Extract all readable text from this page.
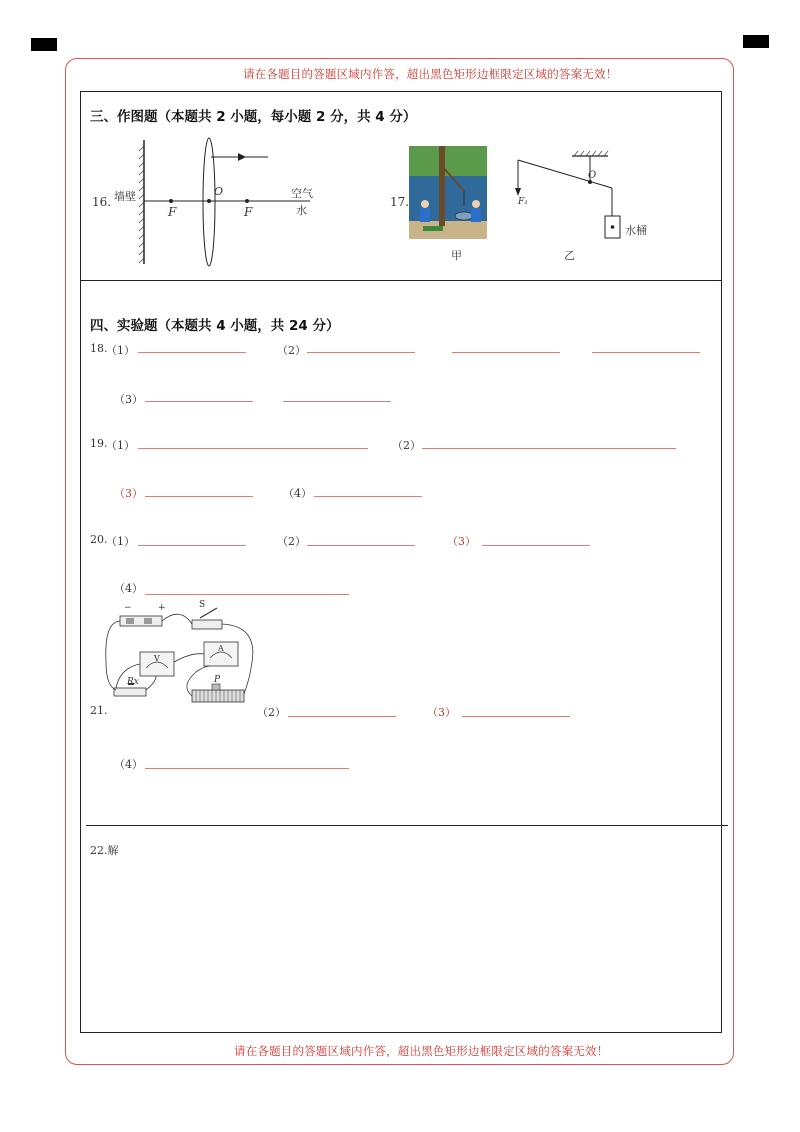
请在各题目的答题区域内作答，超出黑色矩形边框限定区域的答案无效！
请在各题目的答题区域内作答，超出黑色矩形边框限定区域的答案无效！
三、作图题（本题共 2 小题，每小题 2 分，共 4 分）
16. 墙壁
F
O
F
空气
水
17.
甲
O
F₁
水桶
乙
四、实验题（本题共 4 小题，共 24 分）
18.
（1）	（2）
（3）
19.
（1）	（2）
（3）	（4）
20.
（1）	（2）	（3）
（4）
−	+	S
V
A
Rx	P
21.	（2）	（3）
（4）
22.解
